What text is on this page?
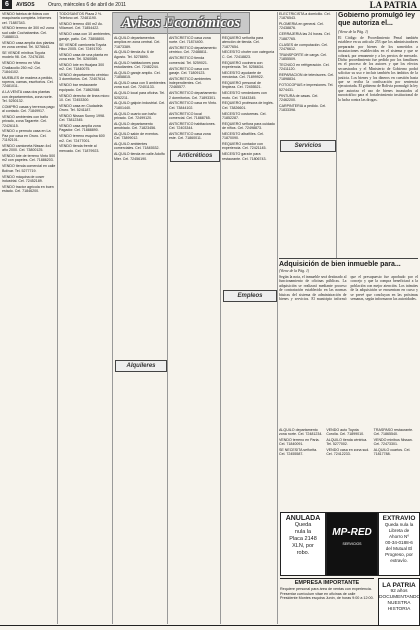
6	AVISOS	Oruro, miércoles 6 de abril de 2011	LA PATRIA
Avisos Económicos

VENDO fabrica de fideos con maquinaria completa. Informes cel. 71887343.

VENDO terreno de 300 m2 zona sud calle Cochabamba. Cel. 71888013.

VENDO casa amplia dos plantas en zona central. Tel. 5276643.

SE VENDE minibus Toyota modelo 98. Cel. 72476150.

VENDO terreno en Villa Challacollo 250 m2. Cel. 71844102.

MUEBLES de madera a pedido, roperos, camas, escritorios. Cel. 72481011.

A LA VENTA casa dos plantas con departamentos, zona norte. Tel. 5250132.

COMPRO casas y terrenos pago al contado. Cel. 71849917.

VENDO ambientes con baño privado, zona Tagarete. Cel. 72426115.

VENDO o permuto casa en La Paz por casa en Oruro. Cel. 71192101.

VENDO camioneta Nissan 4x4 año 2000. Cel. 73800125.

VENDO lote de terreno Vinto 500 m2 con papeles. Cel. 71886203.

VENDO tienda comercial en calle Bolívar. Tel. 5277719.

VENDO máquina de coser industrial. Cel. 72452189.

VENDO tractor agrícola en buen estado. Cel. 71846200.

TODOSANTOS Plaza 2 ½. Telefono cel. 72481190.

VENDO terreno 450 m2 Av. Villarroel. Cel. 71854422.

VENDO casa con 10 ambientes, garaje, patio. Cel. 73808800.

SE VENDE camioneta Toyota Hilux 2005. Cel. 72491700.

VENDO casa de una planta en zona este. Tel. 5260089.

VENDO lote en Huajara 300 m2. Cel. 71840075.

VENDO departamento céntrico 3 dormitorios. Cel. 72407614.

VENDO bar restaurante equipado. Cel. 71862088.

VENDO derecho de línea micro 10. Cel. 72453300.

VENDO casa en Ciudadela Oruro. Tel. 5241187.

VENDO Nissan Sunny 1998. Cel. 73812345.

VENDO casa amplia zona Pagador. Cel. 71888890.

VENDO terreno esquina 600 m2. Cel. 72477001.

VENDO tienda frente al mercado. Cel. 71879923.

ALQUILO departamentos amplios en zona central. Cel. 71873389.

ALQUILO tienda Av. 6 de Agosto. Tel. 5278890.

ALQUILO habitaciones para estudiantes. Cel. 72482244.

ALQUILO garaje amplio. Cel. 71858815.

ALQUILO casa con 5 ambientes zona sud. Cel. 72401133.

ALQUILO local para oficina. Tel. 5252211.

ALQUILO galpón industrial. Cel. 71801440.

ALQUILO cuarto con baño privado. Cel. 72499120.

ALQUILO departamento amoblado. Cel. 71823456.

ALQUILO salón de eventos. Cel. 73899012.

ALQUILO ambientes comerciales. Cel. 71845532.

ALQUILO tienda en calle Adolfo Mier. Cel. 72456190.

ANTICRETICO casa zona norte. Cel. 71874400.

ANTICRETICO departamento céntrico. Cel. 72488811.

ANTICRETICO tienda comercial. Tel. 5259021.

ANTICRETICO casa con garaje. Cel. 71809123.

ANTICRETICO ambientes independientes. Cel. 72465577.

ANTICRETICO departamento 2 dormitorios. Cel. 71893301.

ANTICRETICO casa en Vinto. Cel. 73844102.

ANTICRETICO local comercial. Cel. 71888765.

ANTICRETICO habitaciones. Cel. 72403344.

ANTICRETICO casa zona este. Cel. 71860011.

REQUIERO señorita para atención de tienda. Cel. 71877654.

NECESITO chofer con categoría C. Cel. 72418823.

REQUIERO cocinera con experiencia. Tel. 5256634.

NECESITO ayudante de mecánica. Cel. 71899922.

REQUIERO personal de limpieza. Cel. 72455521.

NECESITO vendedores con moto. Cel. 71843345.

REQUIERO profesora de inglés. Cel. 73826601.

NECESITO costureras. Cel. 71852287.

REQUIERO señora para cuidado de niños. Cel. 72498873.

NECESITO albañiles. Cel. 71870090.

REQUIERO contador con experiencia. Cel. 72421145.

NECESITO garzón para restaurante. Cel. 71806743.

ELECTRICISTA a domicilio. Cel. 71876543.

PLOMERIA en general. Cel. 72438876.

CERRAJERIA las 24 horas. Cel. 71887765.

CLASES de computación. Cel. 72476612.

TRANSPORTE de carga. Cel. 71855509.

TECNICO en refrigeración. Cel. 72411120.

REPARACION de televisores. Cel. 71898834.

FOTOCOPIAS e impresiones. Tel. 5274431.

PINTURA de casas. Cel. 72462200.

CARPINTERIA a pedido. Cel. 71833398.

Anticréticos
Empleos
Servicios
Alquileres
Gobierno promulgó ley que autoriza el...
(Viene de la Pág. 1)
El Código de Procedimiento Penal también establece en su artículo 253 que los administradores prepararán por bienes de los sometidos a incautaciones establecidos en el sistema y que se cobrará, por remanente y a los precios de mercado. Dicho procedimiento fue pedido por los familiares en el proceso de los autores y que los efectos secuestrados y el Ministerio de Gobierno podrá solicitar su uso e incluir también los ámbitos de la justicia. Los bienes y los dineros en cuestión hasta que se reciba la confiscación por sentencia ejecutoriada. El gobierno de Bolivia promulgó la ley que autoriza el uso de bienes incautados al narcotráfico para el fortalecimiento institucional de la lucha contra las drogas.
Adquisición de bien inmueble para...
(Viene de la Pág. 1)
Según la nota, el inmueble será destinado al funcionamiento de oficinas públicas. La adquisición se realizará mediante proceso de contratación establecido en las normas básicas del sistema de administración de bienes y servicios. El municipio informó que el presupuesto fue aprobado por el concejo y que la compra beneficiará a la población con mejor atención. Los trámites de la adquisición se encuentran en curso y se prevé que concluyan en las próximas semanas, según informaron las autoridades.

ALQUILO departamento zona norte. Cel. 72481234.

VENDO terreno en Paria. Cel. 71840091.

SE NECESITA señorita. Cel. 72455587.

VENDO auto Toyota Corolla. Cel. 71899010.

ALQUILO tienda céntrica. Tel. 5277002.

VENDO casa en zona sud. Cel. 72412233.

TRASPASO restaurante. Cel. 71865540.

VENDO minibus Nissan. Cel. 72473301.

ALQUILO cuartos. Cel. 71817788.

ANULADA
Queda
nula la
Placa 2148
XLN, por
robo.
MP-RED
SERVICIOS
EXTRAVIO
Queda nula la
Libreta de
Ahorro Nº
00-34-0188-6
del Mutual El
Progreso, por
extravío.
EMPRESA IMPORTANTE
Requiere personal para área de ventas con experiencia. Presentar currículum vitae en oficinas de calle Presidente Montes esquina Junín, de horas 9:00 a 12:00.
LA PATRIA
92 años
DOCUMENTANDO
NUESTRA HISTORIA
